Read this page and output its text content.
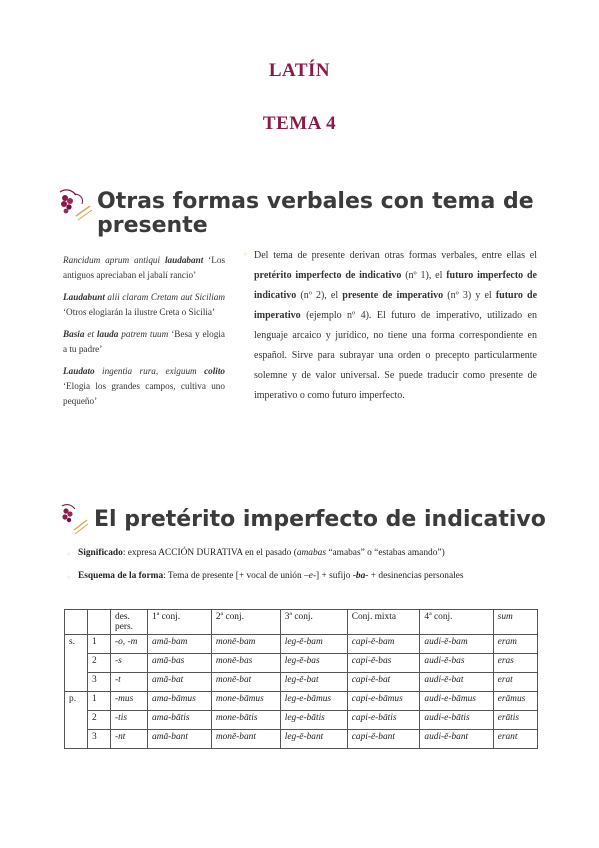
LATÍN
TEMA 4
Otras formas verbales con tema de
presente

Rancidum aprum antiqui laudabant ‘Los antiguos apreciaban el jabalí rancio’

Laudabunt alii claram Cretam aut Siciliam ‘Otros elogiarán la ilustre Creta o Sicilia’

Basia et lauda patrem tuum ‘Besa y elogia a tu padre’

Laudato ingentia rura, exiguum colito ‘Elogia los grandes campos, cultiva uno pequeño’

◦ Del tema de presente derivan otras formas verbales, entre ellas el pretérito imperfecto de indicativo (nº 1), el futuro imperfecto de indicativo (nº 2), el presente de imperativo (nº 3) y el futuro de imperativo (ejemplo nº 4). El futuro de imperativo, utilizado en lenguaje arcaico y jurídico, no tiene una forma correspondiente en español. Sirve para subrayar una orden o precepto particularmente solemne y de valor universal. Se puede traducir como presente de imperativo o como futuro imperfecto.
El pretérito imperfecto de indicativo
◦ Significado: expresa ACCIÓN DURATIVA en el pasado (amabas “amabas” o “estabas amando”)
◦ Esquema de la forma: Tema de presente [+ vocal de unión –e-] + sufijo -ba- + desinencias personales
		des. pers.	1ª conj.	2ª conj.	3ª conj.	Conj. mixta	4ª conj.	sum
s.	1	-o, -m	amā-bam	monē-bam	leg-ē-bam	capi-ē-bam	audi-ē-bam	eram
	2	-s	amā-bas	monē-bas	leg-ē-bas	capi-ē-bas	audi-ē-bas	eras
	3	-t	amā-bat	monē-bat	leg-ē-bat	capi-ē-bat	audi-ē-bat	erat
p.	1	-mus	ama-bāmus	mone-bāmus	leg-e-bāmus	capi-e-bāmus	audi-e-bāmus	erāmus
	2	-tis	ama-bātis	mone-bātis	leg-e-bātis	capi-e-bātis	audi-e-bātis	erātis
	3	-nt	amā-bant	monē-bant	leg-ē-bant	capi-ē-bant	audi-ē-bant	erant
